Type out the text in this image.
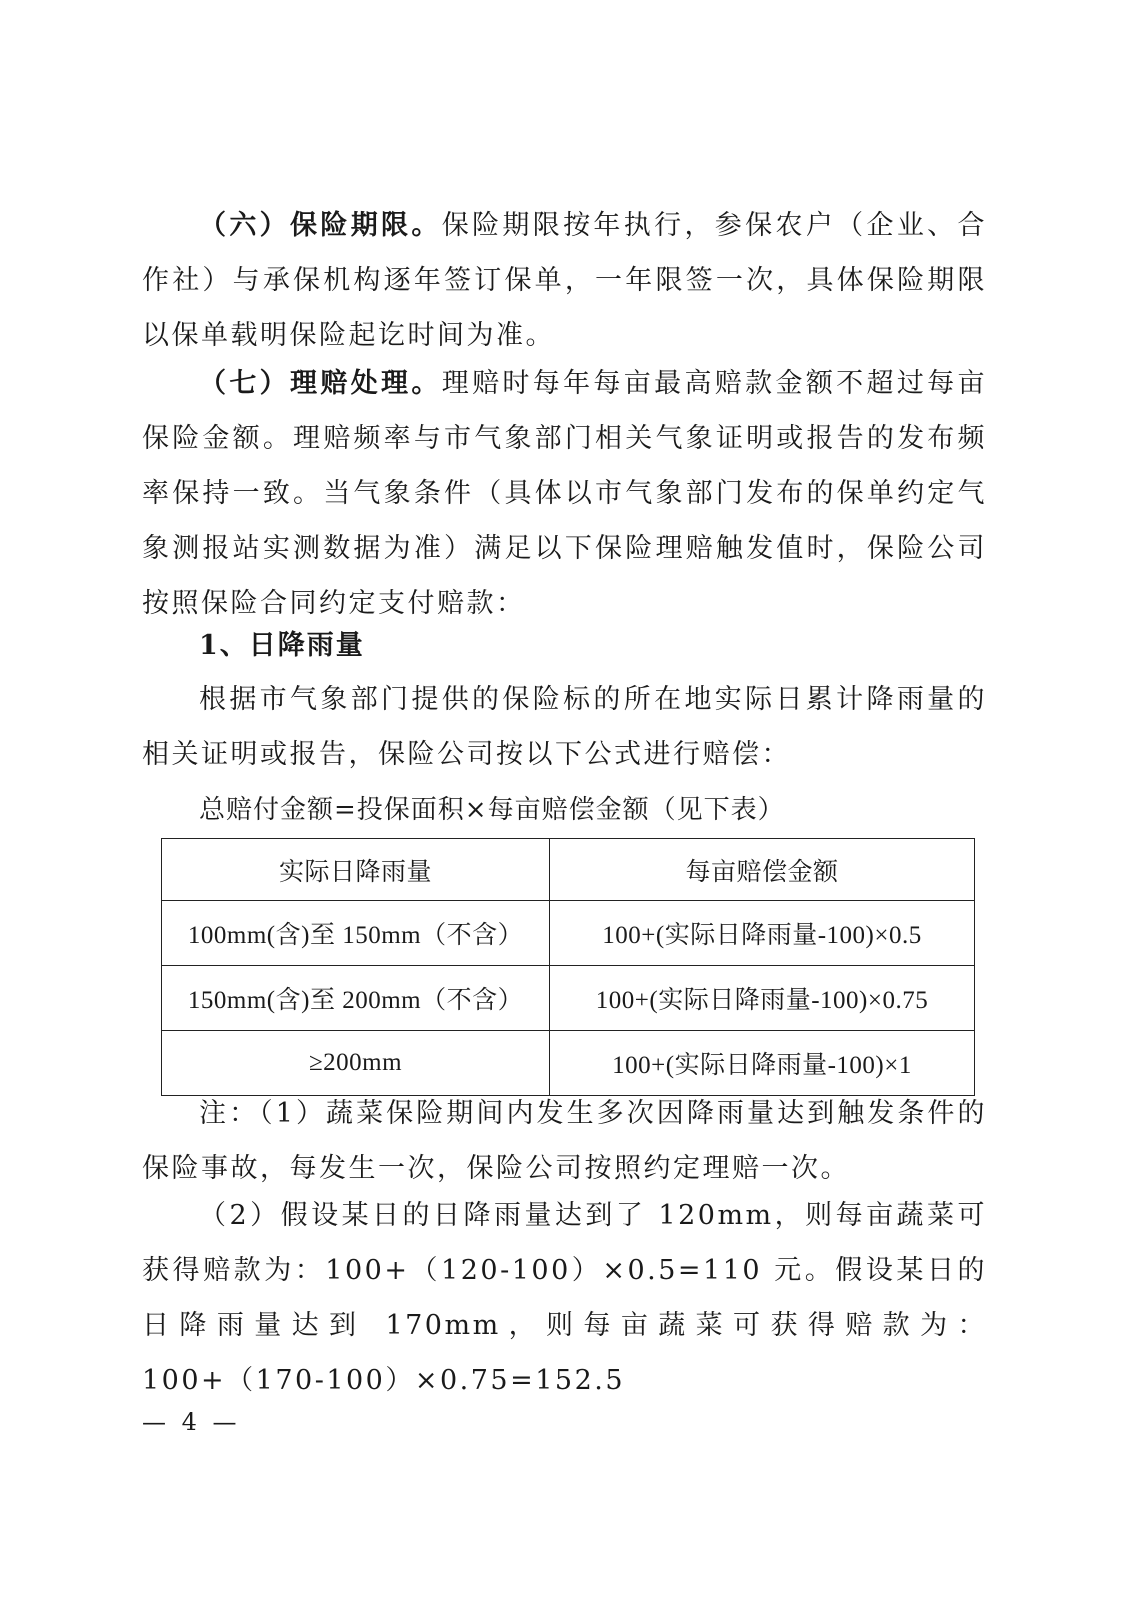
（六）保险期限。保险期限按年执行，参保农户（企业、合作社）与承保机构逐年签订保单，一年限签一次，具体保险期限以保单载明保险起讫时间为准。

（七）理赔处理。理赔时每年每亩最高赔款金额不超过每亩保险金额。理赔频率与市气象部门相关气象证明或报告的发布频率保持一致。当气象条件（具体以市气象部门发布的保单约定气象测报站实测数据为准）满足以下保险理赔触发值时，保险公司按照保险合同约定支付赔款：

1、日降雨量

根据市气象部门提供的保险标的所在地实际日累计降雨量的相关证明或报告，保险公司按以下公式进行赔偿：

总赔付金额=投保面积×每亩赔偿金额（见下表）

实际日降雨量	每亩赔偿金额
100mm(含)至 150mm（不含）	100+(实际日降雨量-100)×0.5
150mm(含)至 200mm（不含）	100+(实际日降雨量-100)×0.75
≥200mm	100+(实际日降雨量-100)×1

注：（1）蔬菜保险期间内发生多次因降雨量达到触发条件的保险事故，每发生一次，保险公司按照约定理赔一次。

（2）假设某日的日降雨量达到了 120mm，则每亩蔬菜可获得赔款为：100+（120-100）×0.5=110 元。假设某日的日降雨量达到 170mm，则每亩蔬菜可获得赔款为：100+（170-100）×0.75=152.5

— 4 —
